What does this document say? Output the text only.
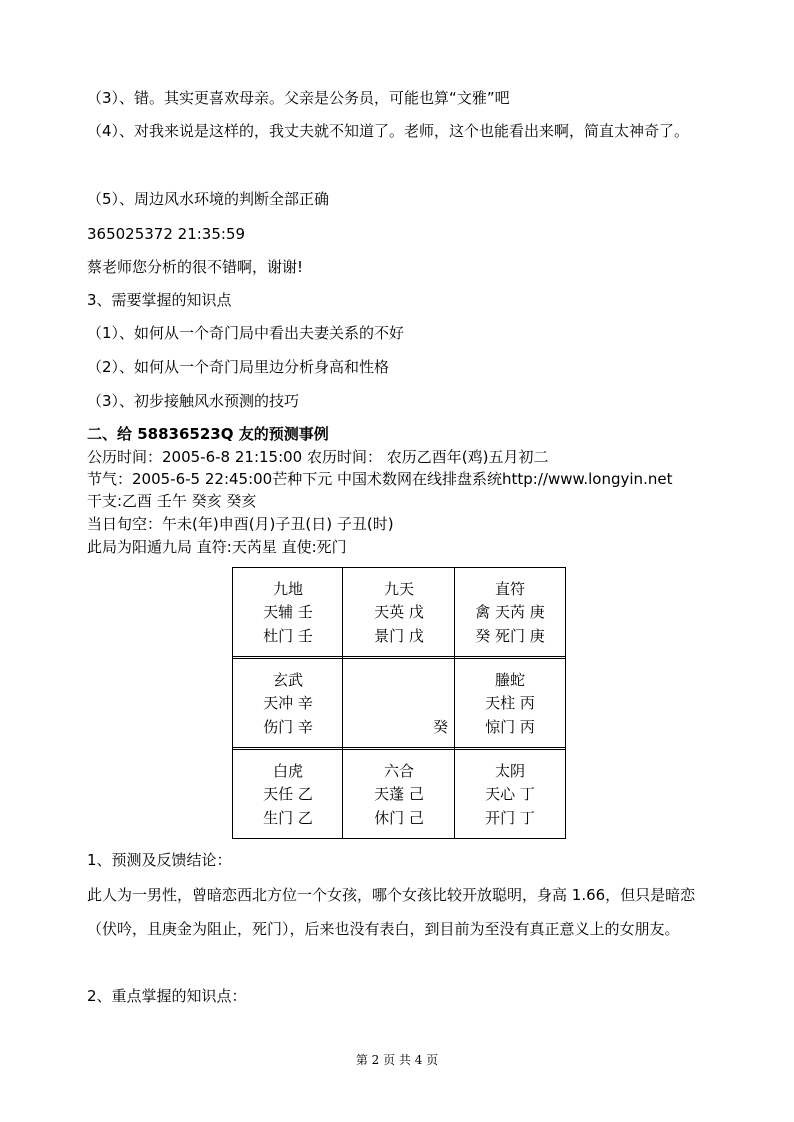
（3）、错。其实更喜欢母亲。父亲是公务员，可能也算“文雅”吧
（4）、对我来说是这样的，我丈夫就不知道了。老师，这个也能看出来啊，简直太神奇了。
（5）、周边风水环境的判断全部正确
365025372 21:35:59
蔡老师您分析的很不错啊，谢谢!
3、需要掌握的知识点
（1）、如何从一个奇门局中看出夫妻关系的不好
（2）、如何从一个奇门局里边分析身高和性格
（3）、初步接触风水预测的技巧
二、给 58836523Q 友的预测事例
公历时间：2005-6-8 21:15:00 农历时间： 农历乙酉年(鸡)五月初二
节气：2005-6-5 22:45:00芒种下元 中国术数网在线排盘系统http://www.longyin.net
干支:乙酉 壬午 癸亥 癸亥
当日旬空：午未(年)申酉(月)子丑(日) 子丑(时)
此局为阳遁九局 直符:天芮星 直使:死门
九地
天辅 壬
杜门 壬
九天
天英 戊
景门 戊
直符
禽 天芮 庚
癸 死门 庚
玄武
天冲 辛
伤门 辛	癸
螣蛇
天柱 丙
惊门 丙
白虎
天任 乙
生门 乙
六合
天蓬 己
休门 己
太阴
天心 丁
开门 丁
1、预测及反馈结论：
此人为一男性，曾暗恋西北方位一个女孩，哪个女孩比较开放聪明，身高 1.66，但只是暗恋（伏吟，且庚金为阻止，死门），后来也没有表白，到目前为至没有真正意义上的女朋友。
2、重点掌握的知识点：
第 2 页 共 4 页
